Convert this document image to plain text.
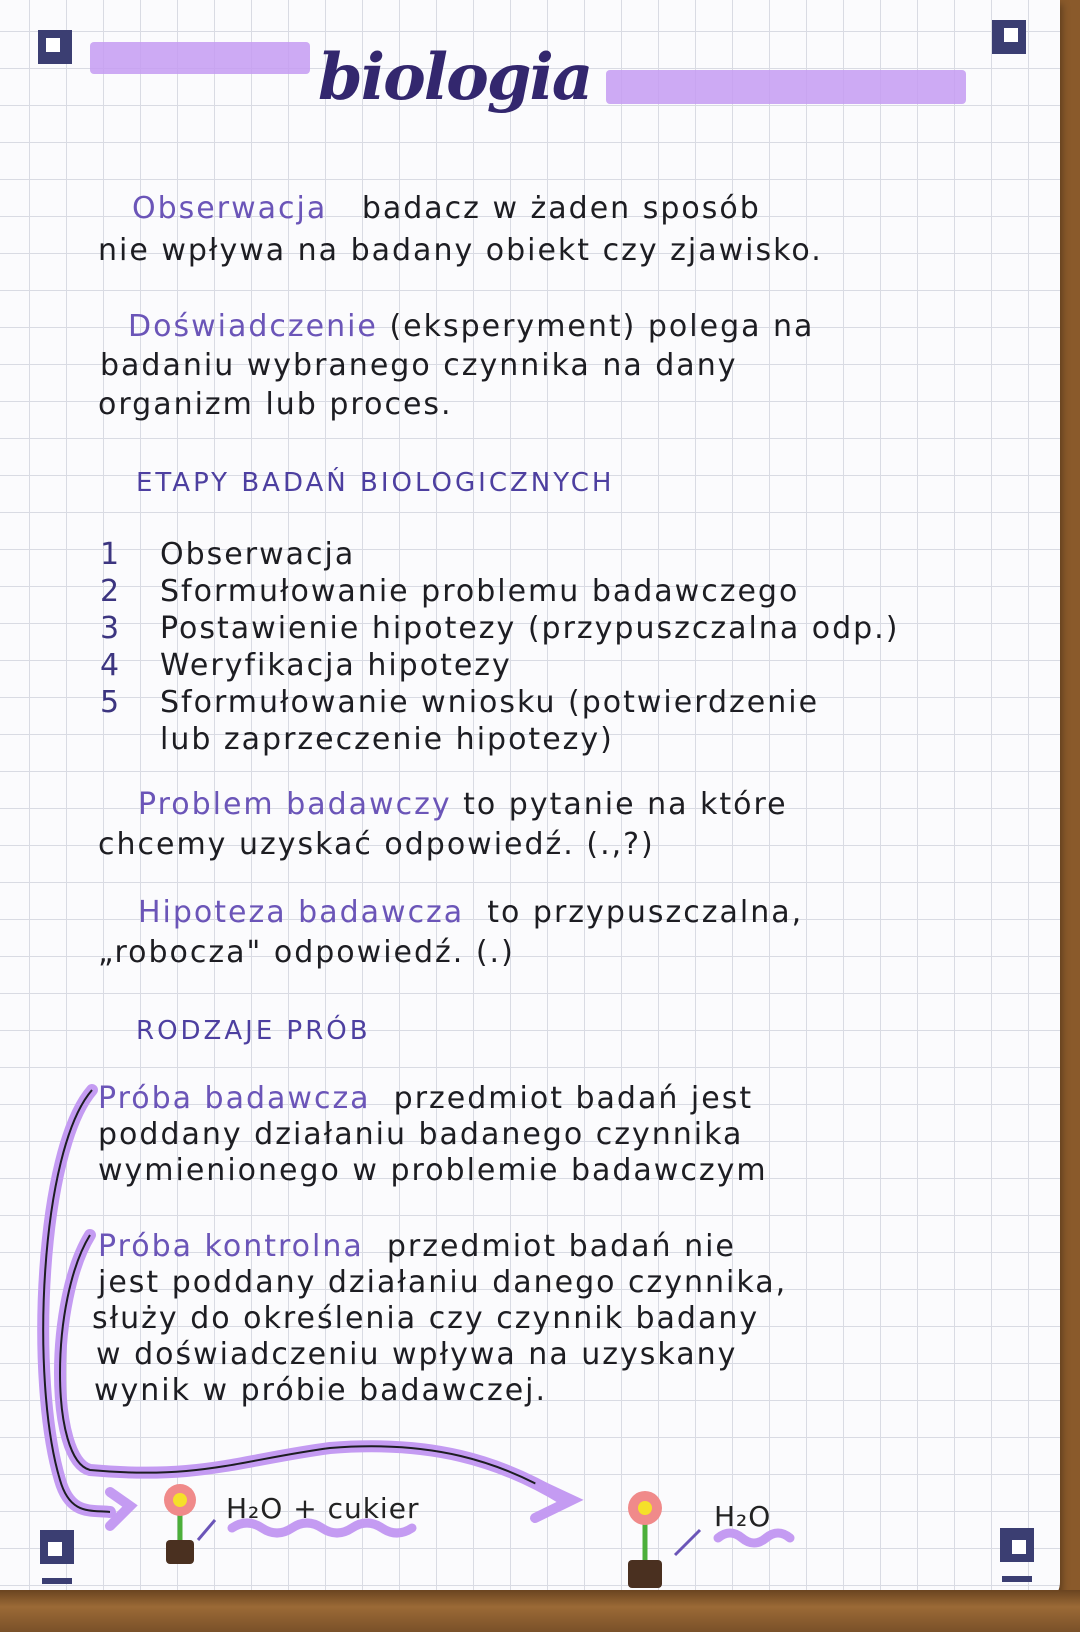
biologia
Obserwacja badacz w żaden sposób
nie wpływa na badany obiekt czy zjawisko.
Doświadczenie (eksperyment) polega na
badaniu wybranego czynnika na dany
organizm lub proces.
ETAPY BADAŃ BIOLOGICZNYCH
1 Obserwacja
2 Sformułowanie problemu badawczego
3 Postawienie hipotezy (przypuszczalna odp.)
4 Weryfikacja hipotezy
5 Sformułowanie wniosku (potwierdzenie
lub zaprzeczenie hipotezy)
Problem badawczy to pytanie na które
chcemy uzyskać odpowiedź. (.,?)
Hipoteza badawcza to przypuszczalna,
„robocza" odpowiedź. (.)
RODZAJE PRÓB
Próba badawcza przedmiot badań jest
poddany działaniu badanego czynnika
wymienionego w problemie badawczym
Próba kontrolna przedmiot badań nie
jest poddany działaniu danego czynnika,
służy do określenia czy czynnik badany
w doświadczeniu wpływa na uzyskany
wynik w próbie badawczej.
H₂O + cukier	H₂O
